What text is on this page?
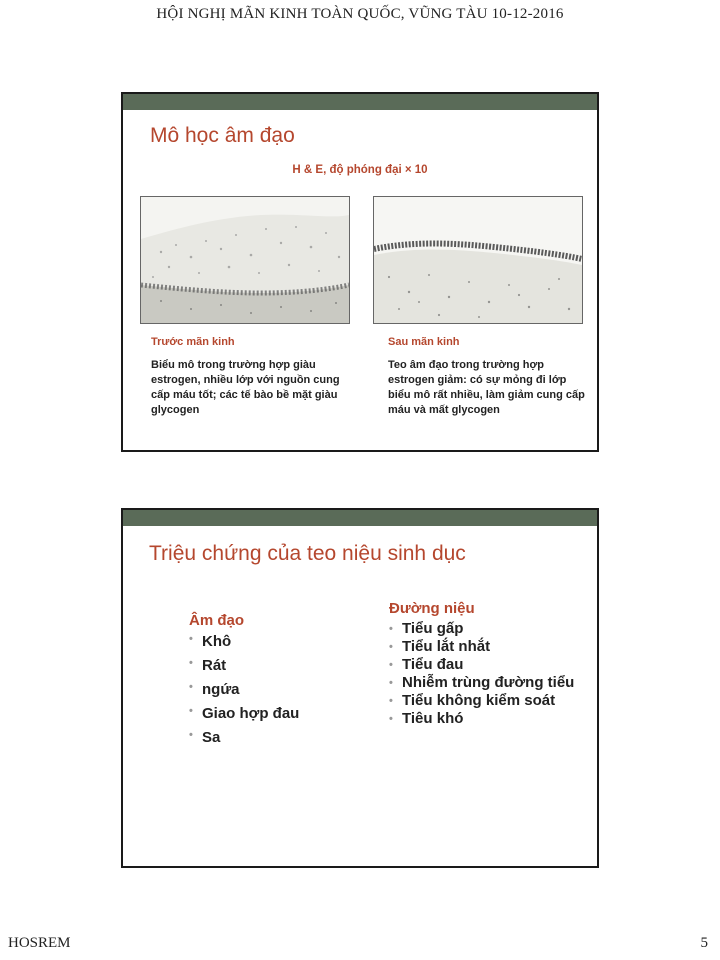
HỘI NGHỊ MÃN KINH TOÀN QUỐC, VŨNG TÀU 10-12-2016
Mô học âm đạo
H & E, độ phóng đại × 10
Trước mãn kinh
Biểu mô trong trường hợp giàu estrogen, nhiều lớp với nguồn cung cấp máu tốt; các tế bào bề mặt giàu glycogen
Sau mãn kinh
Teo âm đạo trong trường hợp estrogen giảm: có sự mỏng đi lớp biểu mô rất nhiều, làm giảm cung cấp máu và mất glycogen
Triệu chứng của teo niệu sinh dục
Âm đạo
• Khô
• Rát
• ngứa
• Giao hợp đau
• Sa
Đường niệu
• Tiểu gấp
• Tiểu lắt nhắt
• Tiểu đau
• Nhiễm trùng đường tiểu
• Tiểu không kiểm soát
• Tiêu khó
HOSREM	5
